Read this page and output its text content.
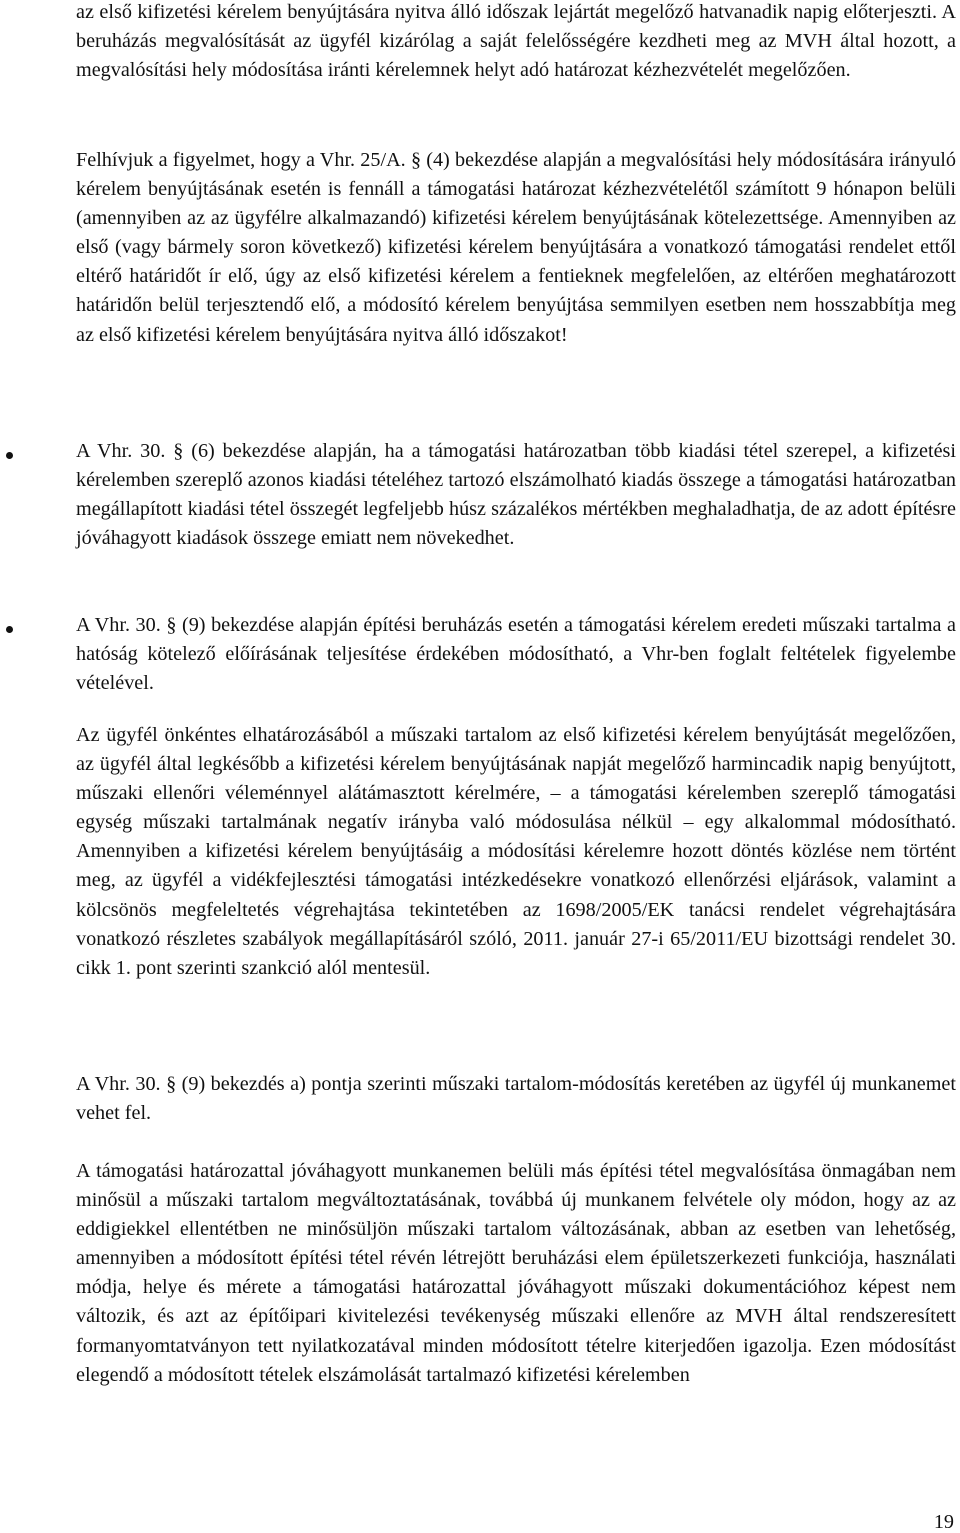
az első kifizetési kérelem benyújtására nyitva álló időszak lejártát megelőző hatvanadik napig előterjeszti. A beruházás megvalósítását az ügyfél kizárólag a saját felelősségére kezdheti meg az MVH által hozott, a megvalósítási hely módosítása iránti kérelemnek helyt adó határozat kézhezvételét megelőzően.

Felhívjuk a figyelmet, hogy a Vhr. 25/A. § (4) bekezdése alapján a megvalósítási hely módosítására irányuló kérelem benyújtásának esetén is fennáll a támogatási határozat kézhezvételétől számított 9 hónapon belüli (amennyiben az az ügyfélre alkalmazandó) kifizetési kérelem benyújtásának kötelezettsége. Amennyiben az első (vagy bármely soron következő) kifizetési kérelem benyújtására a vonatkozó támogatási rendelet ettől eltérő határidőt ír elő, úgy az első kifizetési kérelem a fentieknek megfelelően, az eltérően meghatározott határidőn belül terjesztendő elő, a módosító kérelem benyújtása semmilyen esetben nem hosszabbítja meg az első kifizetési kérelem benyújtására nyitva álló időszakot!

A Vhr. 30. § (6) bekezdése alapján, ha a támogatási határozatban több kiadási tétel szerepel, a kifizetési kérelemben szereplő azonos kiadási tételéhez tartozó elszámolható kiadás összege a támogatási határozatban megállapított kiadási tétel összegét legfeljebb húsz százalékos mértékben meghaladhatja, de az adott építésre jóváhagyott kiadások összege emiatt nem növekedhet.

A Vhr. 30. § (9) bekezdése alapján építési beruházás esetén a támogatási kérelem eredeti műszaki tartalma a hatóság kötelező előírásának teljesítése érdekében módosítható, a Vhr-ben foglalt feltételek figyelembe vételével.

Az ügyfél önkéntes elhatározásából a műszaki tartalom az első kifizetési kérelem benyújtását megelőzően, az ügyfél által legkésőbb a kifizetési kérelem benyújtásának napját megelőző harmincadik napig benyújtott, műszaki ellenőri véleménnyel alátámasztott kérelmére, – a támogatási kérelemben szereplő támogatási egység műszaki tartalmának negatív irányba való módosulása nélkül – egy alkalommal módosítható. Amennyiben a kifizetési kérelem benyújtásáig a módosítási kérelemre hozott döntés közlése nem történt meg, az ügyfél a vidékfejlesztési támogatási intézkedésekre vonatkozó ellenőrzési eljárások, valamint a kölcsönös megfeleltetés végrehajtása tekintetében az 1698/2005/EK tanácsi rendelet végrehajtására vonatkozó részletes szabályok megállapításáról szóló, 2011. január 27-i 65/2011/EU bizottsági rendelet 30. cikk 1. pont szerinti szankció alól mentesül.

A Vhr. 30. § (9) bekezdés a) pontja szerinti műszaki tartalom-módosítás keretében az ügyfél új munkanemet vehet fel.

A támogatási határozattal jóváhagyott munkanemen belüli más építési tétel megvalósítása önmagában nem minősül a műszaki tartalom megváltoztatásának, továbbá új munkanem felvétele oly módon, hogy az az eddigiekkel ellentétben ne minősüljön műszaki tartalom változásának, abban az esetben van lehetőség, amennyiben a módosított építési tétel révén létrejött beruházási elem épületszerkezeti funkciója, használati módja, helye és mérete a támogatási határozattal jóváhagyott műszaki dokumentációhoz képest nem változik, és azt az építőipari kivitelezési tevékenység műszaki ellenőre az MVH által rendszeresített formanyomtatványon tett nyilatkozatával minden módosított tételre kiterjedően igazolja. Ezen módosítást elegendő a módosított tételek elszámolását tartalmazó kifizetési kérelemben

19
